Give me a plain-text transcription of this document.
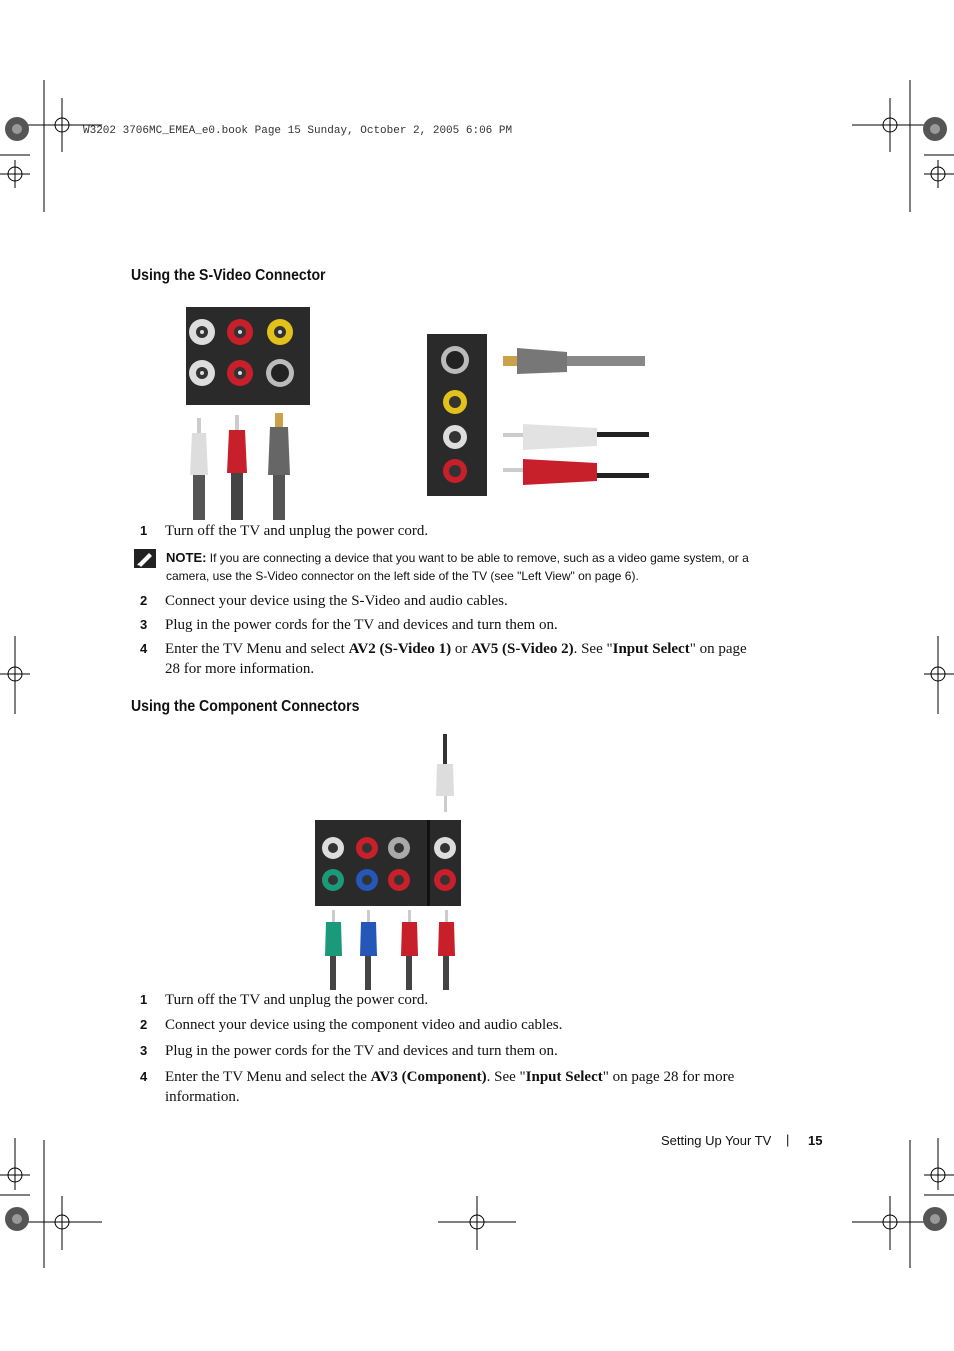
W3202 3706MC_EMEA_e0.book Page 15 Sunday, October 2, 2005 6:06 PM
Using the S-Video Connector
1	Turn off the TV and unplug the power cord.
NOTE: If you are connecting a device that you want to be able to remove, such as a video game system, or a camera, use the S-Video connector on the left side of the TV (see "Left View" on page 6).
2	Connect your device using the S-Video and audio cables.
3	Plug in the power cords for the TV and devices and turn them on.
4	Enter the TV Menu and select AV2 (S-Video 1) or AV5 (S-Video 2). See "Input Select" on page 28 for more information.
Using the Component Connectors
1	Turn off the TV and unplug the power cord.
2	Connect your device using the component video and audio cables.
3	Plug in the power cords for the TV and devices and turn them on.
4	Enter the TV Menu and select the AV3 (Component). See "Input Select" on page 28 for more information.
Setting Up Your TV | 15
